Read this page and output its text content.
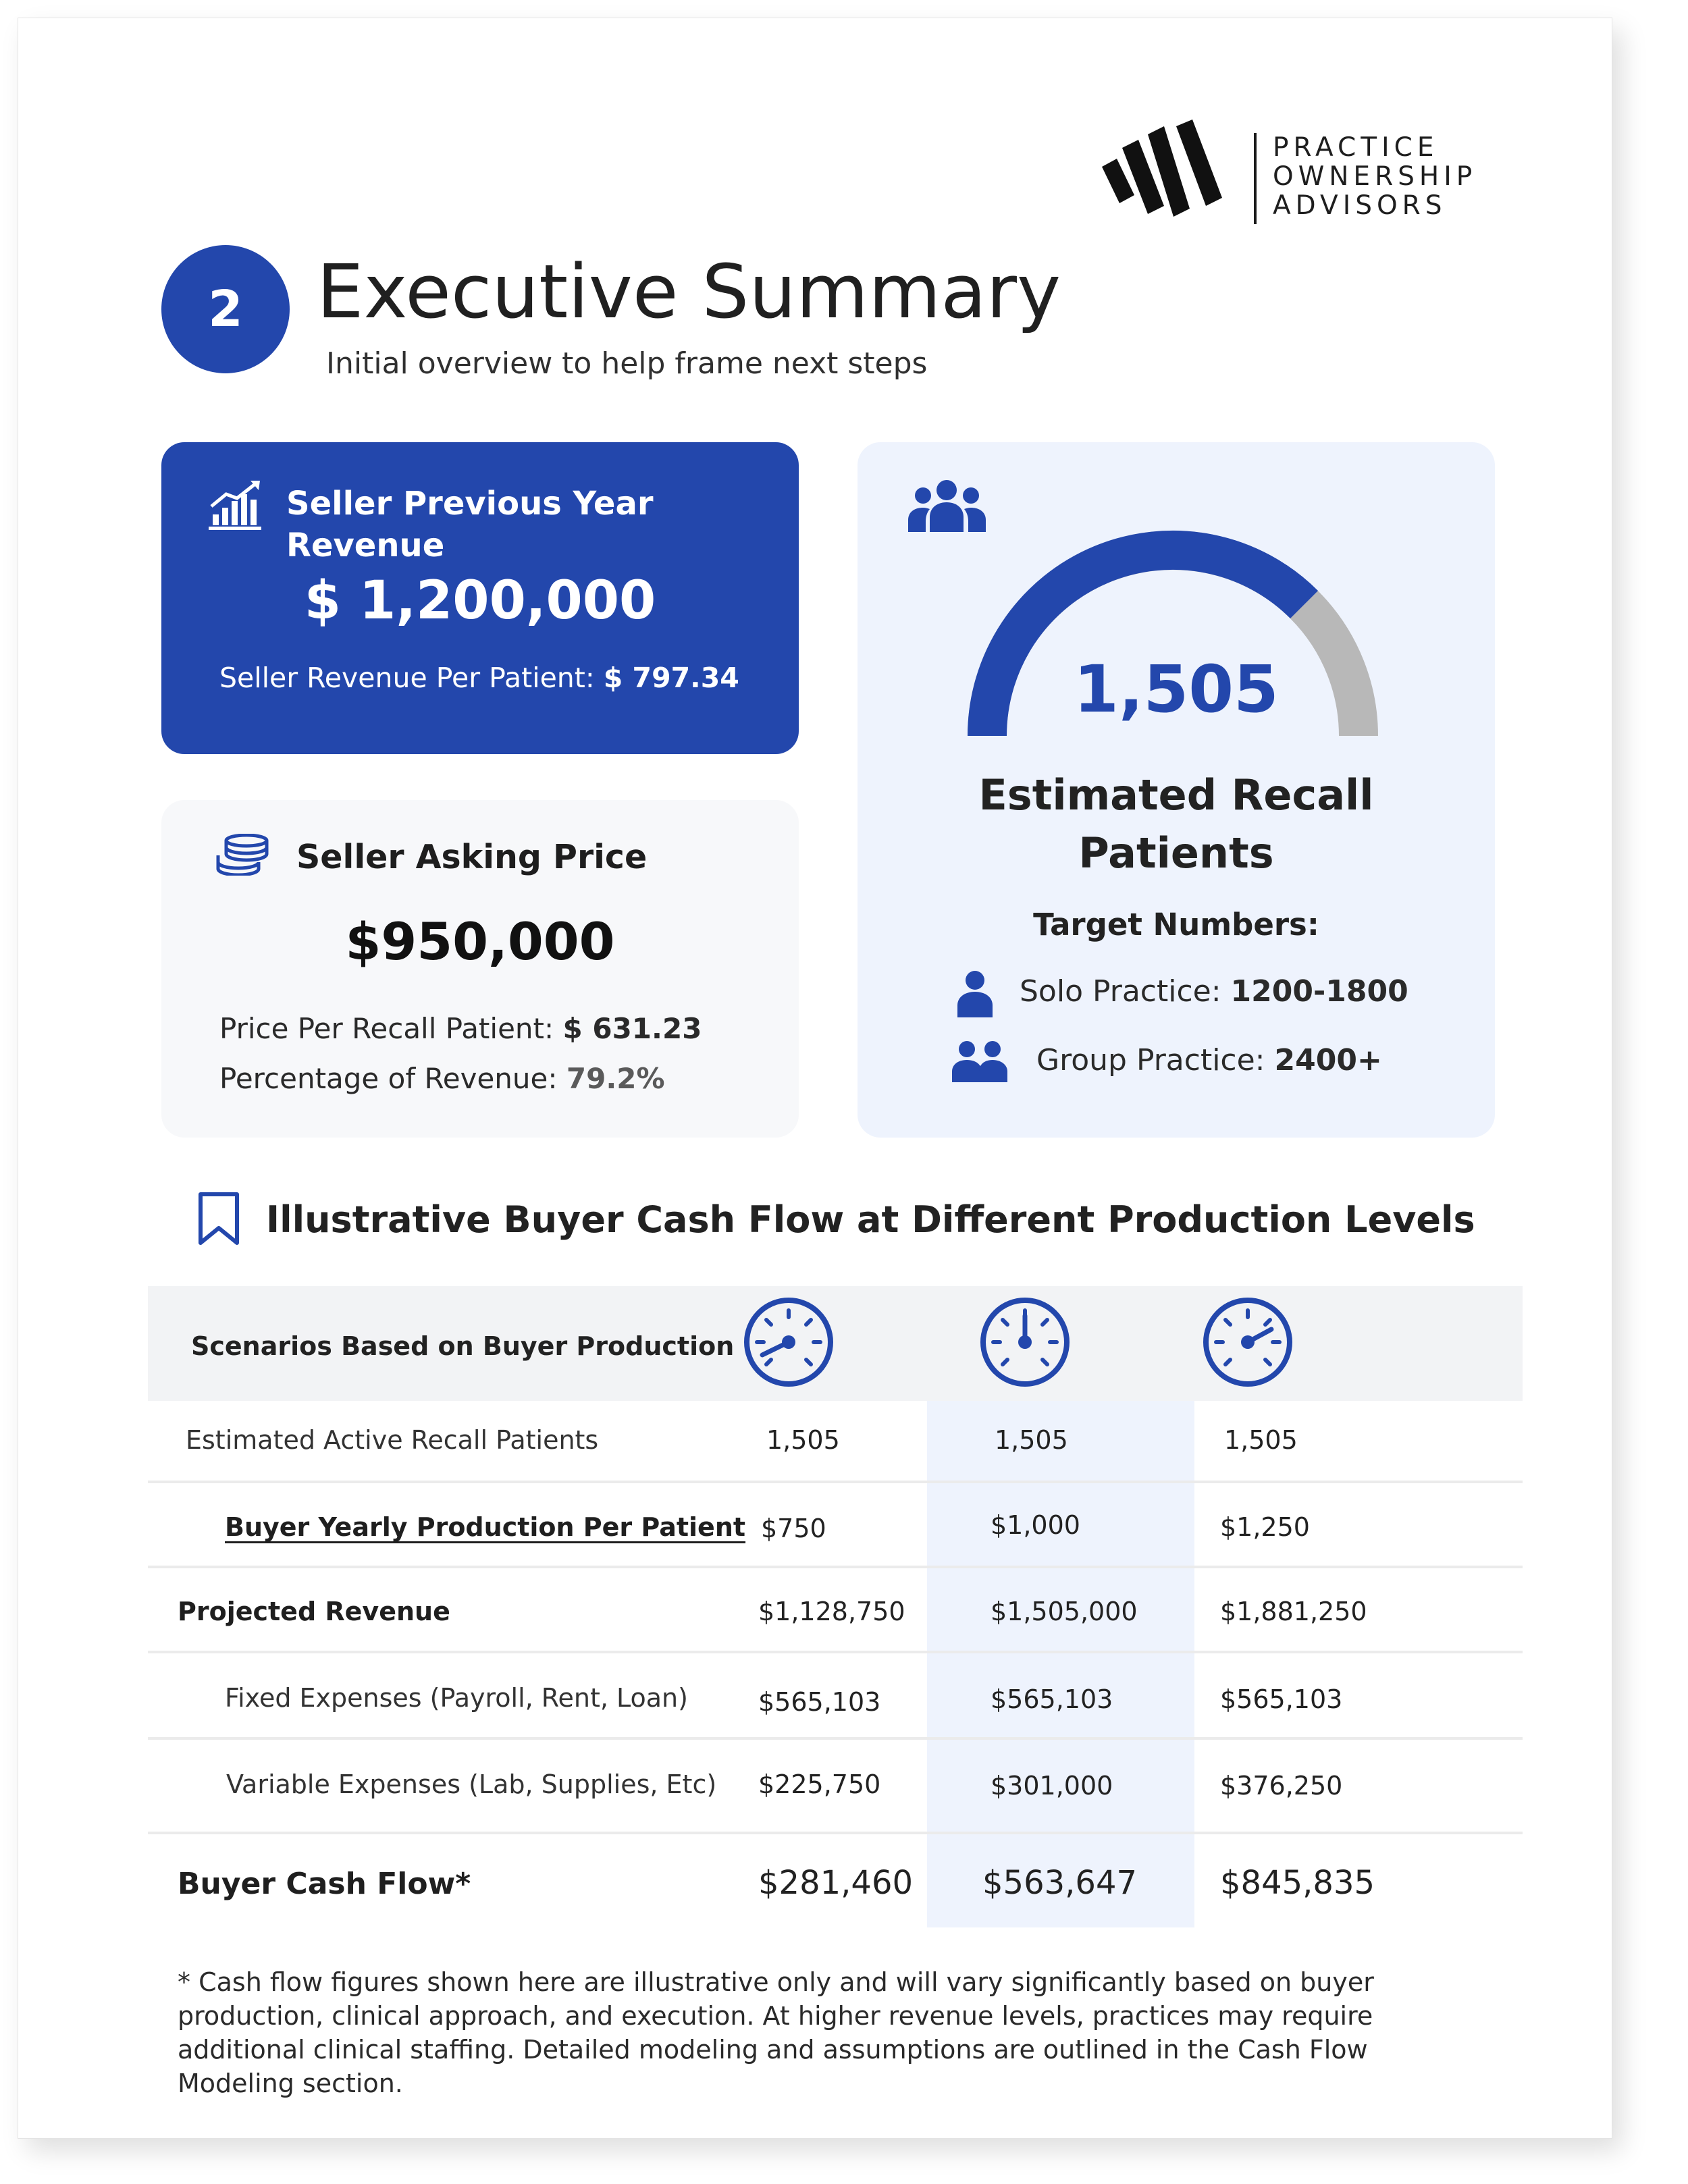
PRACTICE
OWNERSHIP
ADVISORS
2 Executive Summary
Initial overview to help frame next steps
Seller Previous Year Revenue
$ 1,200,000
Seller Revenue Per Patient: $ 797.34
Seller Asking Price
$950,000
Price Per Recall Patient: $ 631.23
Percentage of Revenue: 79.2%
1,505
Estimated Recall
Patients
Target Numbers:
Solo Practice: 1200-1800
Group Practice: 2400+
Illustrative Buyer Cash Flow at Different Production Levels
Scenarios Based on Buyer Production
Estimated Active Recall Patients	1,505	1,505	1,505
Buyer Yearly Production Per Patient $750	$1,000	$1,250
Projected Revenue	$1,128,750	$1,505,000	$1,881,250
Fixed Expenses (Payroll, Rent, Loan)	$565,103	$565,103	$565,103
Variable Expenses (Lab, Supplies, Etc) $225,750	$301,000	$376,250
Buyer Cash Flow*	$281,460 $563,647	$845,835
* Cash flow figures shown here are illustrative only and will vary significantly based on buyer production, clinical approach, and execution. At higher revenue levels, practices may require additional clinical staffing. Detailed modeling and assumptions are outlined in the Cash Flow Modeling section.
